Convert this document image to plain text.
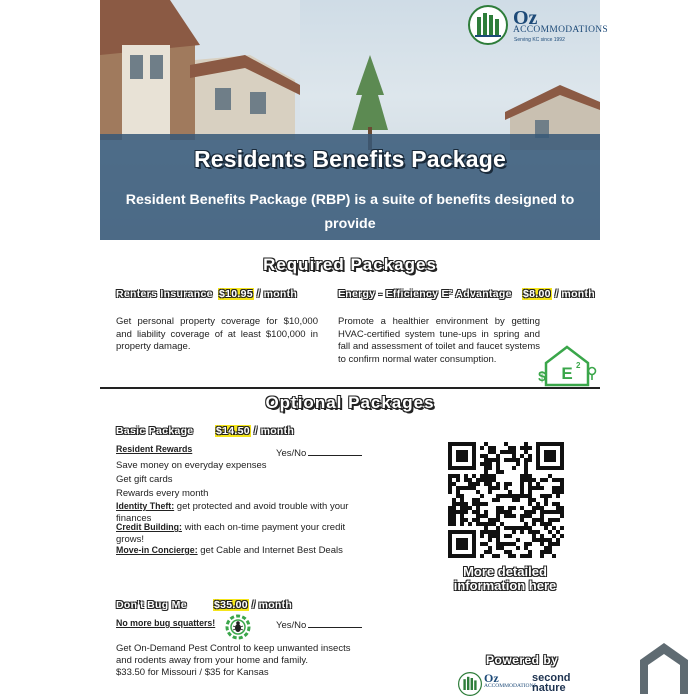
Residents Benefits Package
Resident Benefits Package (RBP) is a suite of benefits designed to provide
savings, convenience, and professional services to all residents.
Oz
ACCOMMODATIONS
Serving KC since 1992
Required Packages
Renters Insurance $10.95 / month
Get personal property coverage for $10,000 and liability coverage of at least $100,000 in property damage.
Energy - Efficiency E² Advantage $8.00 / month
Promote a healthier environment by getting HVAC-certified system tune-ups in spring and fall and assessment of toilet and faucet systems to confirm normal water consumption.
E 2
$
Optional Packages
Basic Package $14.50 / month
Resident Rewards	Yes/No
Save money on everyday expenses
Get gift cards
Rewards every month
Identity Theft: get protected and avoid trouble with your
finances
Credit Building: with each on-time payment your credit
grows!
Move-in Concierge: get Cable and Internet Best Deals
More detailed
information here
Don't Bug Me	$35.00 / month
No more bug squatters!	Yes/No
Get On-Demand Pest Control to keep unwanted insects
and rodents away from your home and family.
$33.50 for Missouri / $35 for Kansas
Powered by
Oz
ACCOMMODATIONS
second
nature
